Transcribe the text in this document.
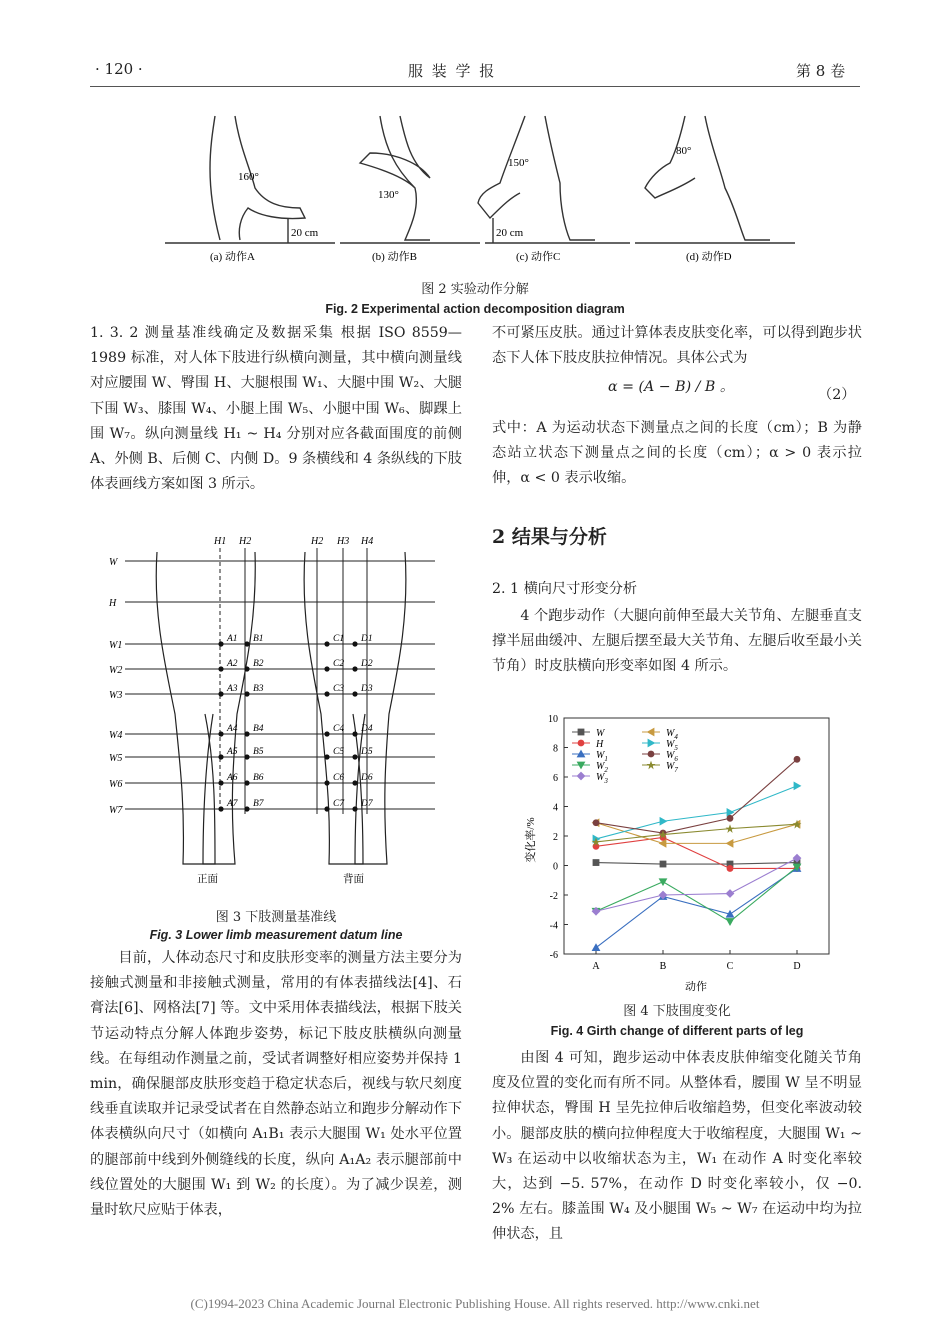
· 120 ·	服 装 学 报	第 8 卷
160°
130°
150°
80°
20 cm	20 cm
(a) 动作A	(b) 动作B	(c) 动作C	(d) 动作D
图 2 实验动作分解
Fig. 2 Experimental action decomposition diagram

1. 3. 2 测量基准线确定及数据采集 根据 ISO 8559—1989 标准，对人体下肢进行纵横向测量，其中横向测量线对应腰围 W、臀围 H、大腿根围 W₁、大腿中围 W₂、大腿下围 W₃、膝围 W₄、小腿上围 W₅、小腿中围 W₆、脚踝上围 W₇。纵向测量线 H₁ ~ H₄ 分别对应各截面围度的前侧 A、外侧 B、后侧 C、内侧 D。9 条横线和 4 条纵线的下肢体表画线方案如图 3 所示。

W
H
W1
W2
W3
W4
W5
W6
W7
H1 H2	H2 H3 H4
A1
A2
A3
A4
A5
A6
A7
B1
B2
B3
B4
B5
B6
B7
C1
C2
C3
C4
C5
C6
C7
D1
D2
D3
D4
D5
D6
D7
正面	背面
图 3 下肢测量基准线
Fig. 3 Lower limb measurement datum line

目前，人体动态尺寸和皮肤形变率的测量方法主要分为接触式测量和非接触式测量，常用的有体表描线法[4]、石膏法[6]、网格法[7] 等。文中采用体表描线法，根据下肢关节运动特点分解人体跑步姿势，标记下肢皮肤横纵向测量线。在每组动作测量之前，受试者调整好相应姿势并保持 1 min，确保腿部皮肤形变趋于稳定状态后，视线与软尺刻度线垂直读取并记录受试者在自然静态站立和跑步分解动作下体表横纵向尺寸（如横向 A₁B₁ 表示大腿围 W₁ 处水平位置的腿部前中线到外侧缝线的长度，纵向 A₁A₂ 表示腿部前中线位置处的大腿围 W₁ 到 W₂ 的长度）。为了减少误差，测量时软尺应贴于体表，

不可紧压皮肤。通过计算体表皮肤变化率，可以得到跑步状态下人体下肢皮肤拉伸情况。具体公式为

α = (A − B) / B 。	（2）

式中：A 为运动状态下测量点之间的长度（cm）；B 为静态站立状态下测量点之间的长度（cm）；α > 0 表示拉伸，α < 0 表示收缩。

2 结果与分析
2. 1 横向尺寸形变分析

4 个跑步动作（大腿向前伸至最大关节角、左腿垂直支撑半屈曲缓冲、左腿后摆至最大关节角、左腿后收至最小关节角）时皮肤横向形变率如图 4 所示。

-6
-4
-2
0
2
4
6
8
10
A	B	C	D
W
H
$W_1$
$W_2$
$W_3$
$W_4$
$W_5$
$W_6$
$W_7$
变化率/%
动作
图 4 下肢围度变化
Fig. 4 Girth change of different parts of leg

由图 4 可知，跑步运动中体表皮肤伸缩变化随关节角度及位置的变化而有所不同。从整体看，腰围 W 呈不明显拉伸状态，臀围 H 呈先拉伸后收缩趋势，但变化率波动较小。腿部皮肤的横向拉伸程度大于收缩程度，大腿围 W₁ ~ W₃ 在运动中以收缩状态为主，W₁ 在动作 A 时变化率较大，达到 −5. 57%，在动作 D 时变化率较小，仅 −0. 2% 左右。膝盖围 W₄ 及小腿围 W₅ ~ W₇ 在运动中均为拉伸状态，且

(C)1994-2023 China Academic Journal Electronic Publishing House. All rights reserved. http://www.cnki.net
